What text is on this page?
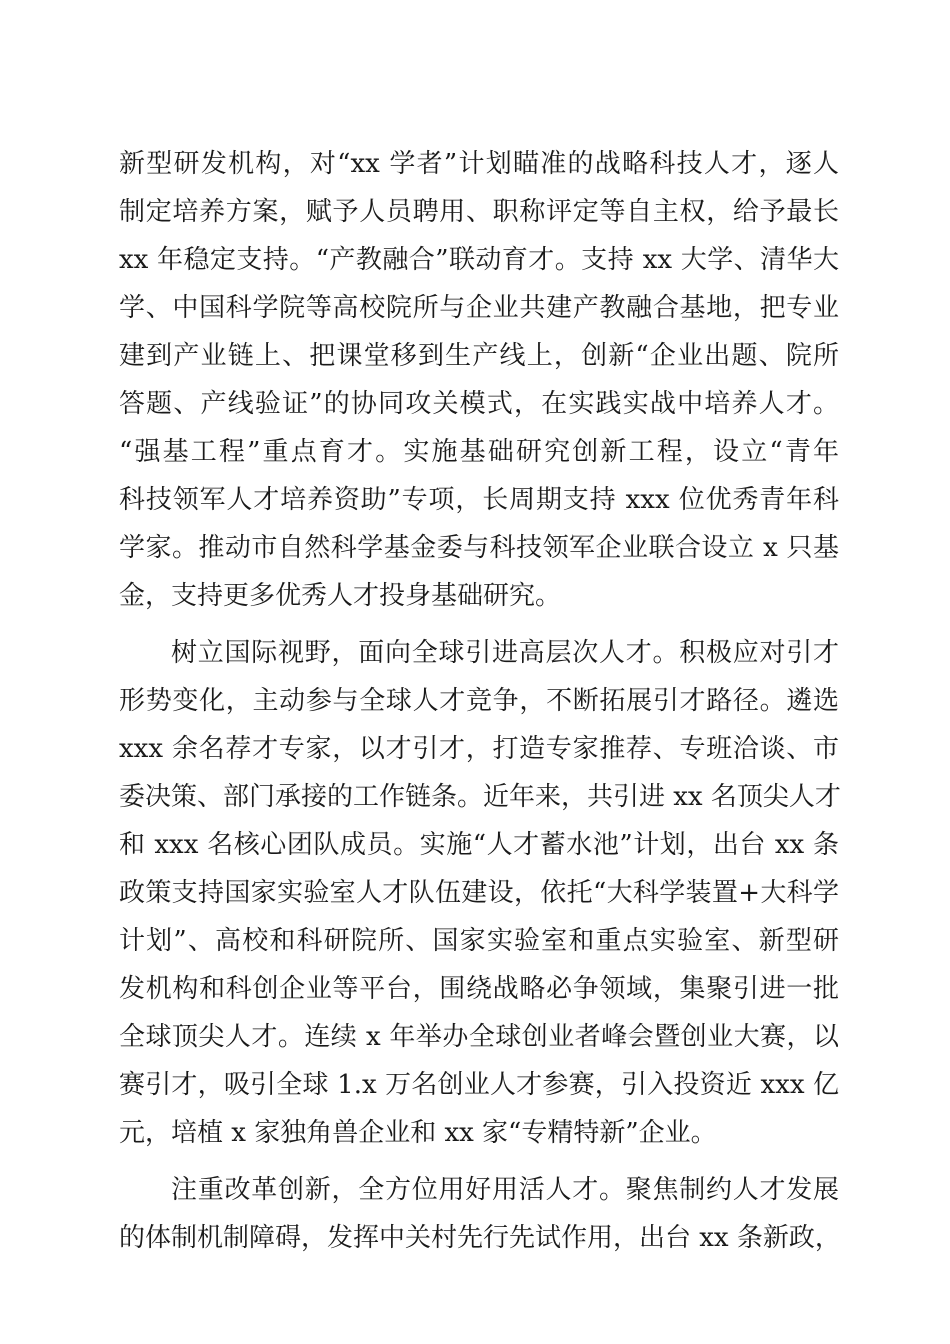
新型研发机构，对“xx 学者”计划瞄准的战略科技人才，逐人
制定培养方案，赋予人员聘用、职称评定等自主权，给予最长
xx 年稳定支持。“产教融合”联动育才。支持 xx 大学、清华大
学、中国科学院等高校院所与企业共建产教融合基地，把专业
建到产业链上、把课堂移到生产线上，创新“企业出题、院所
答题、产线验证”的协同攻关模式，在实践实战中培养人才。
“强基工程”重点育才。实施基础研究创新工程，设立“青年
科技领军人才培养资助”专项，长周期支持 xxx 位优秀青年科
学家。推动市自然科学基金委与科技领军企业联合设立 x 只基
金，支持更多优秀人才投身基础研究。
树立国际视野，面向全球引进高层次人才。积极应对引才
形势变化，主动参与全球人才竞争，不断拓展引才路径。遴选
xxx 余名荐才专家，以才引才，打造专家推荐、专班洽谈、市
委决策、部门承接的工作链条。近年来，共引进 xx 名顶尖人才
和 xxx 名核心团队成员。实施“人才蓄水池”计划，出台 xx 条
政策支持国家实验室人才队伍建设，依托“大科学装置+大科学
计划”、高校和科研院所、国家实验室和重点实验室、新型研
发机构和科创企业等平台，围绕战略必争领域，集聚引进一批
全球顶尖人才。连续 x 年举办全球创业者峰会暨创业大赛，以
赛引才，吸引全球 1.x 万名创业人才参赛，引入投资近 xxx 亿
元，培植 x 家独角兽企业和 xx 家“专精特新”企业。
注重改革创新，全方位用好用活人才。聚焦制约人才发展
的体制机制障碍，发挥中关村先行先试作用，出台 xx 条新政，
